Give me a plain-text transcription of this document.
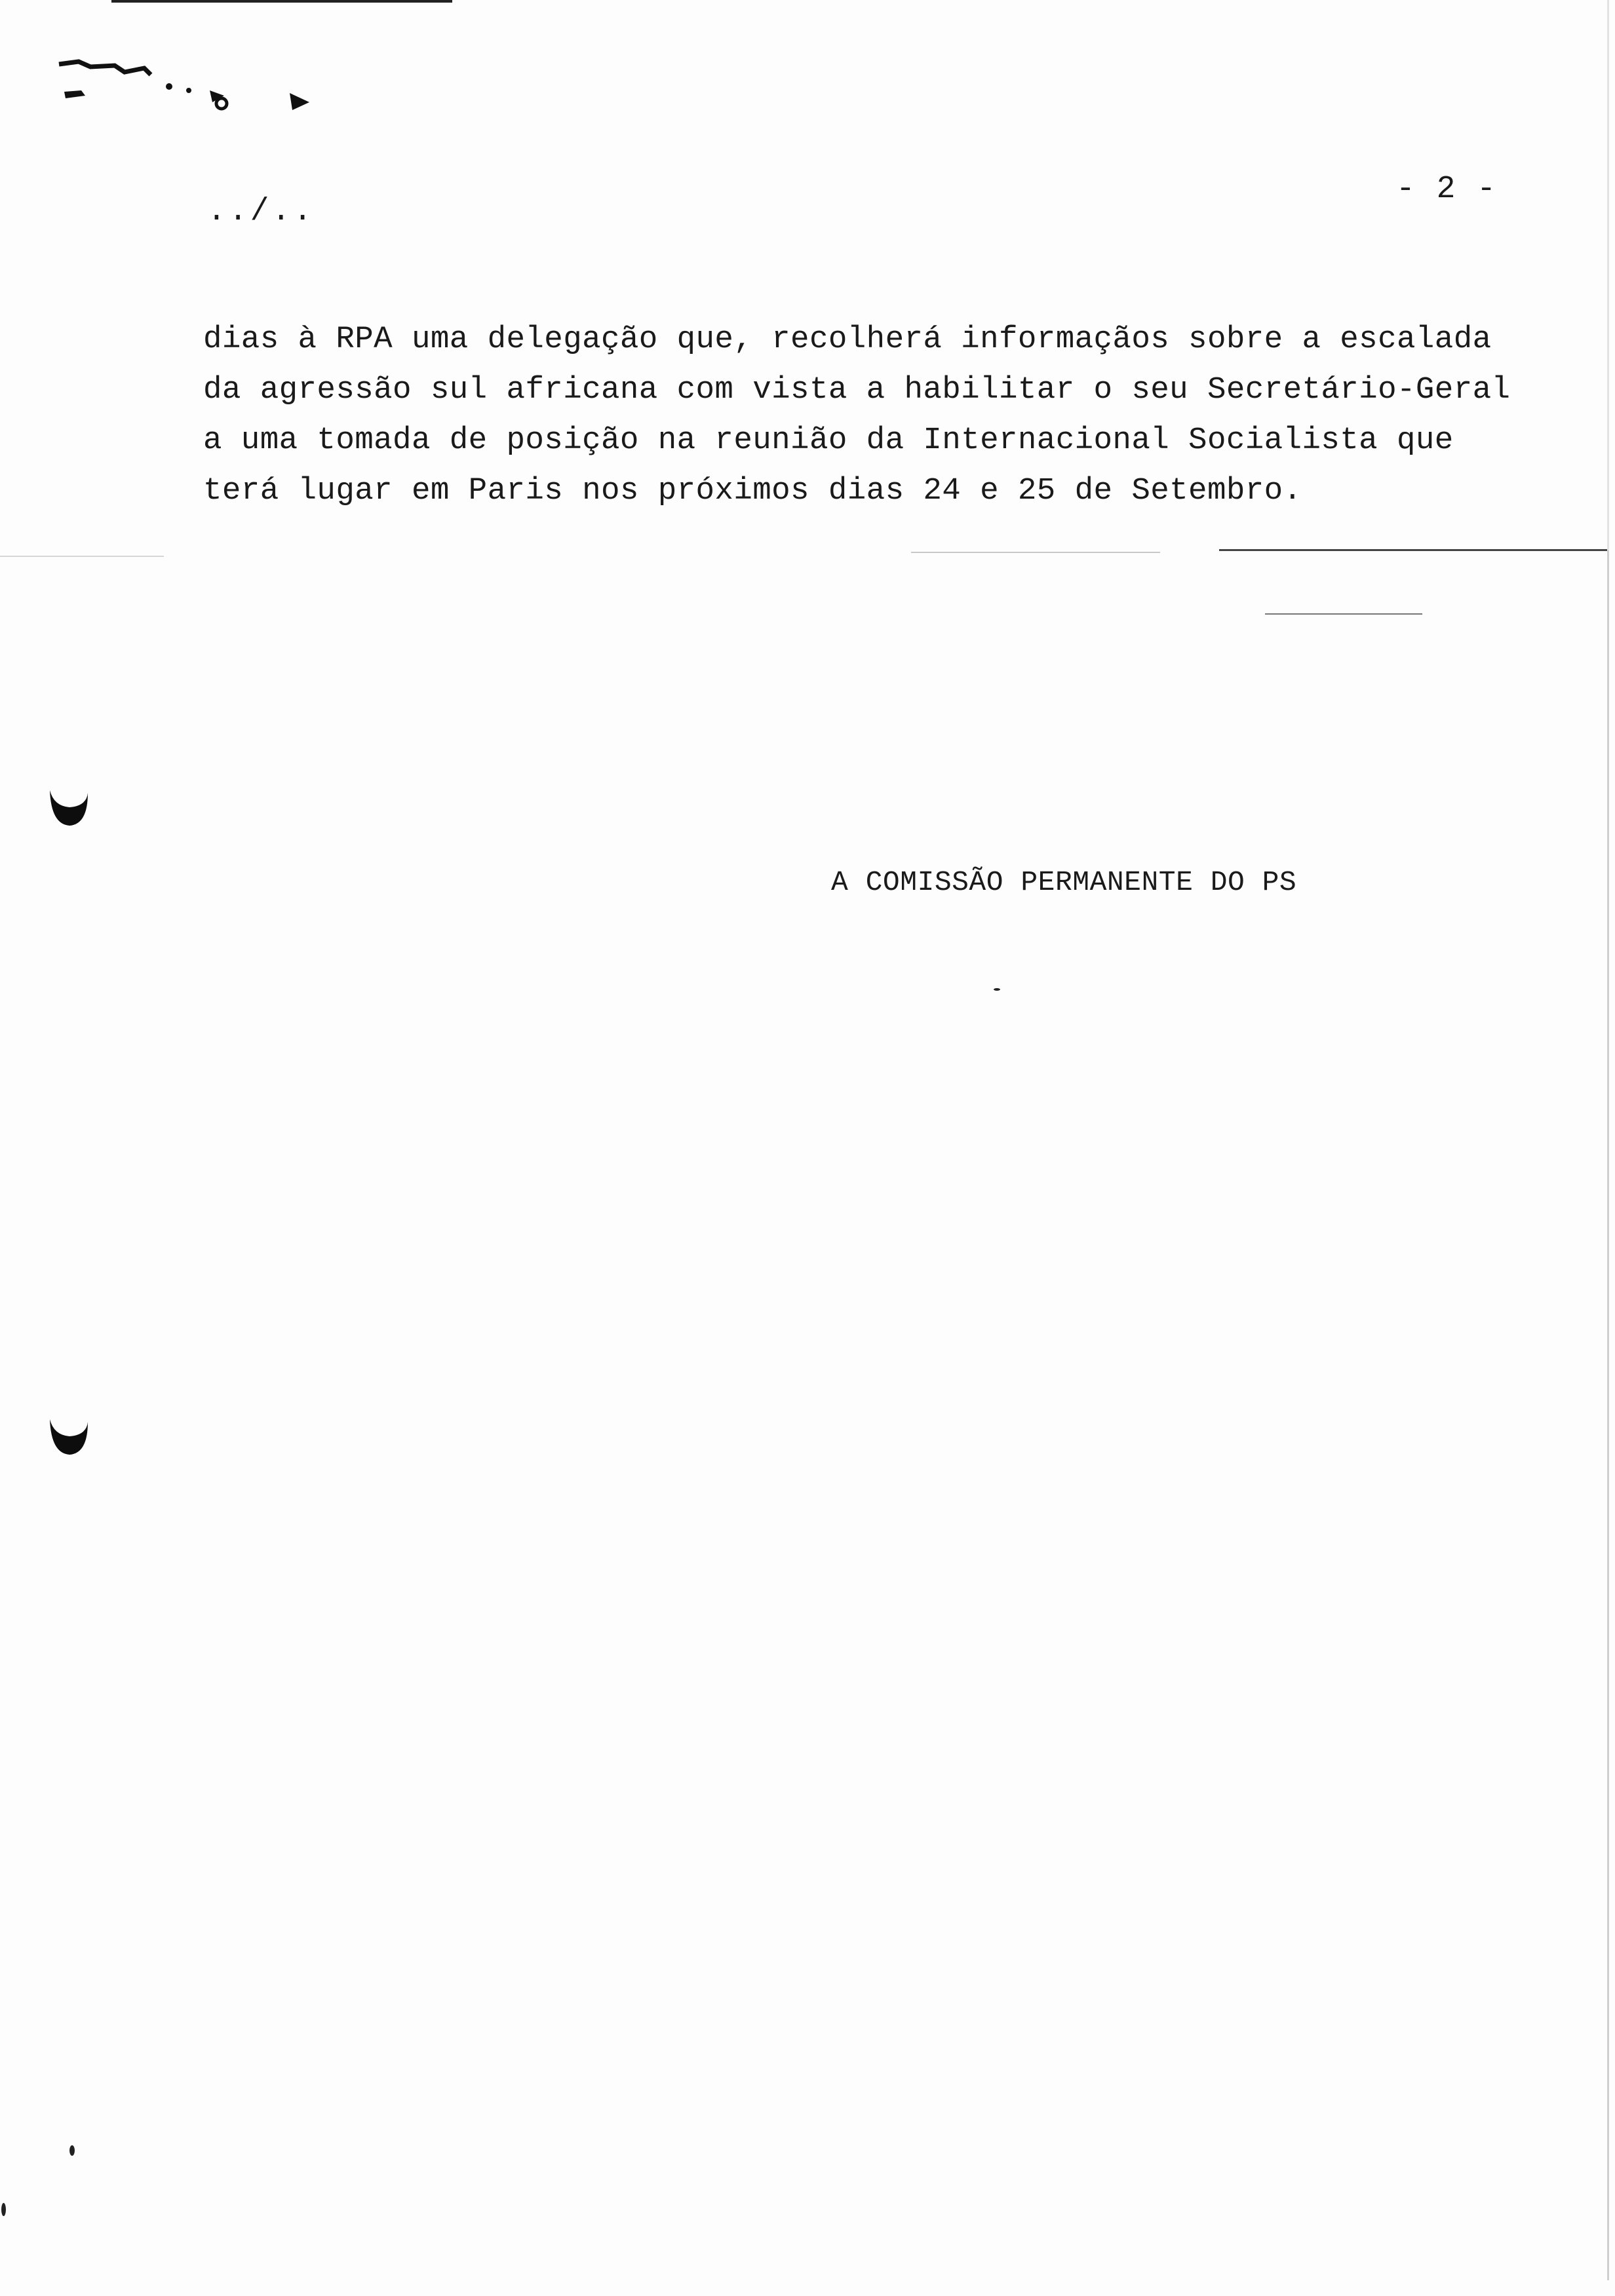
- 2 -
../..
dias à RPA uma delegação que, recolherá informaçãos sobre a escalada
da agressão sul africana com vista a habilitar o seu Secretário-Geral
a uma tomada de posição na reunião da Internacional Socialista que
terá lugar em Paris nos próximos dias 24 e 25 de Setembro.
A COMISSÃO PERMANENTE DO PS
